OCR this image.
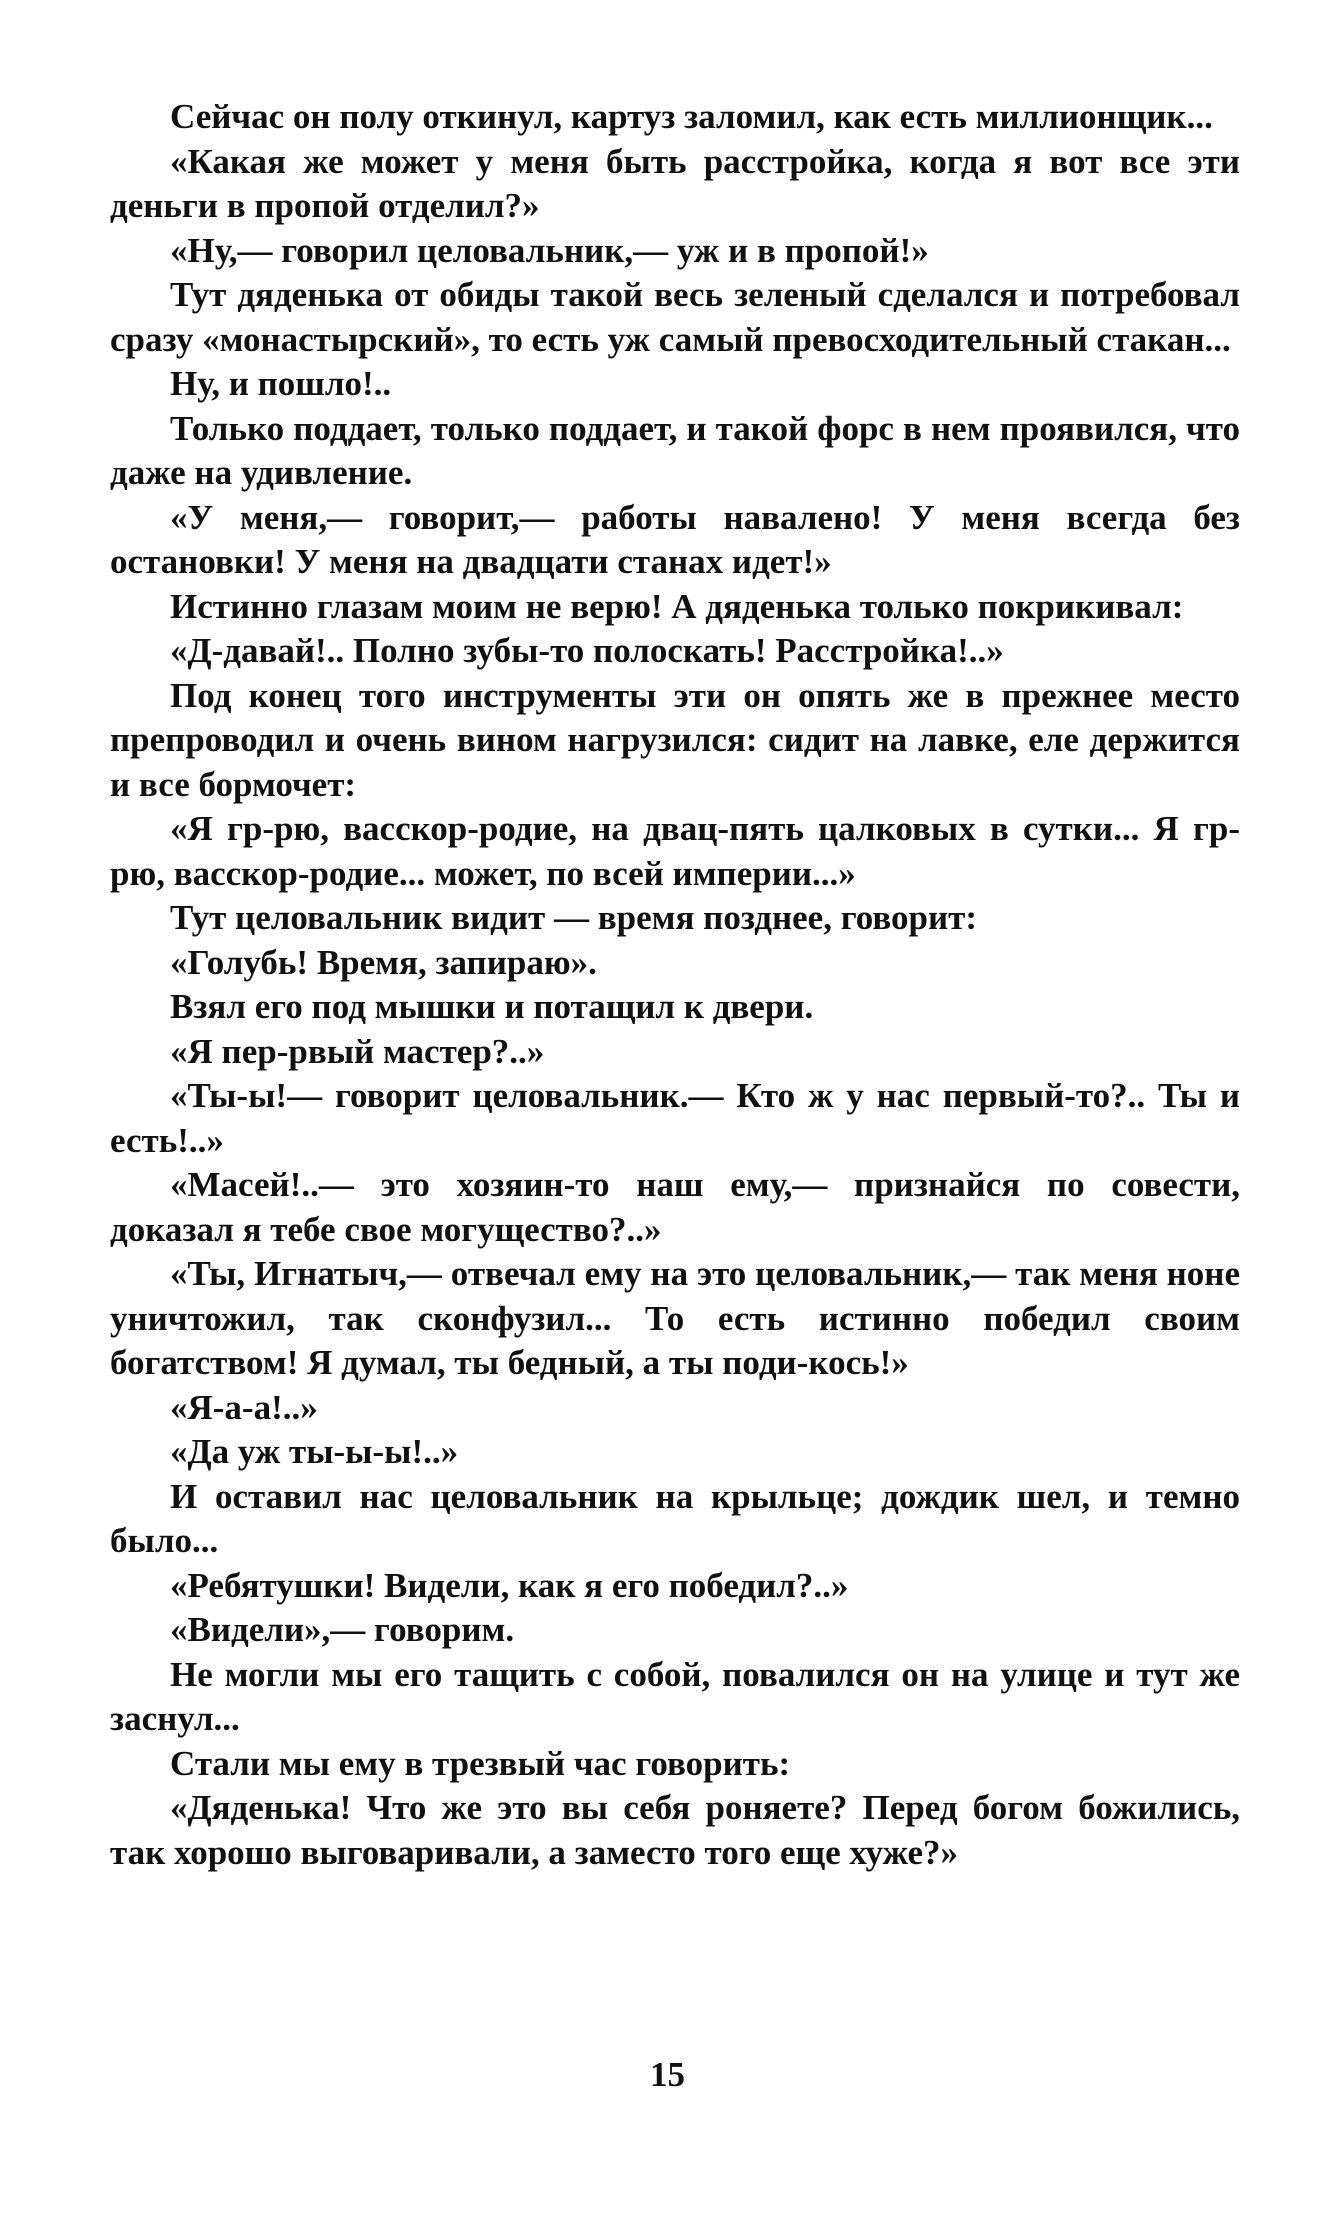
Сейчас он полу откинул, картуз заломил, как есть миллионщик...

«Какая же может у меня быть расстройка, когда я вот все эти деньги в пропой отделил?»

«Ну,— говорил целовальник,— уж и в пропой!»

Тут дяденька от обиды такой весь зеленый сделался и потребовал сразу «монастырский», то есть уж самый превосходительный стакан...

Ну, и пошло!..

Только поддает, только поддает, и такой форс в нем проявился, что даже на удивление.

«У меня,— говорит,— работы навалено! У меня всегда без остановки! У меня на двадцати станах идет!»

Истинно глазам моим не верю! А дяденька только покрикивал:

«Д-давай!.. Полно зубы-то полоскать! Расстройка!..»

Под конец того инструменты эти он опять же в прежнее место препроводил и очень вином нагрузился: сидит на лавке, еле держится и все бормочет:

«Я гр-рю, васскор-родие, на двац-пять цалковых в сутки... Я гр-рю, васскор-родие... может, по всей империи...»

Тут целовальник видит — время позднее, говорит:

«Голубь! Время, запираю».

Взял его под мышки и потащил к двери.

«Я пер-рвый мастер?..»

«Ты-ы!— говорит целовальник.— Кто ж у нас первый-то?.. Ты и есть!..»

«Масей!..— это хозяин-то наш ему,— признайся по совести, доказал я тебе свое могущество?..»

«Ты, Игнатыч,— отвечал ему на это целовальник,— так меня ноне уничтожил, так сконфузил... То есть истинно победил своим богатством! Я думал, ты бедный, а ты поди-кось!»

«Я-а-а!..»

«Да уж ты-ы-ы!..»

И оставил нас целовальник на крыльце; дождик шел, и темно было...

«Ребятушки! Видели, как я его победил?..»

«Видели»,— говорим.

Не могли мы его тащить с собой, повалился он на улице и тут же заснул...

Стали мы ему в трезвый час говорить:

«Дяденька! Что же это вы себя роняете? Перед богом божились, так хорошо выговаривали, а заместо того еще хуже?»

15
